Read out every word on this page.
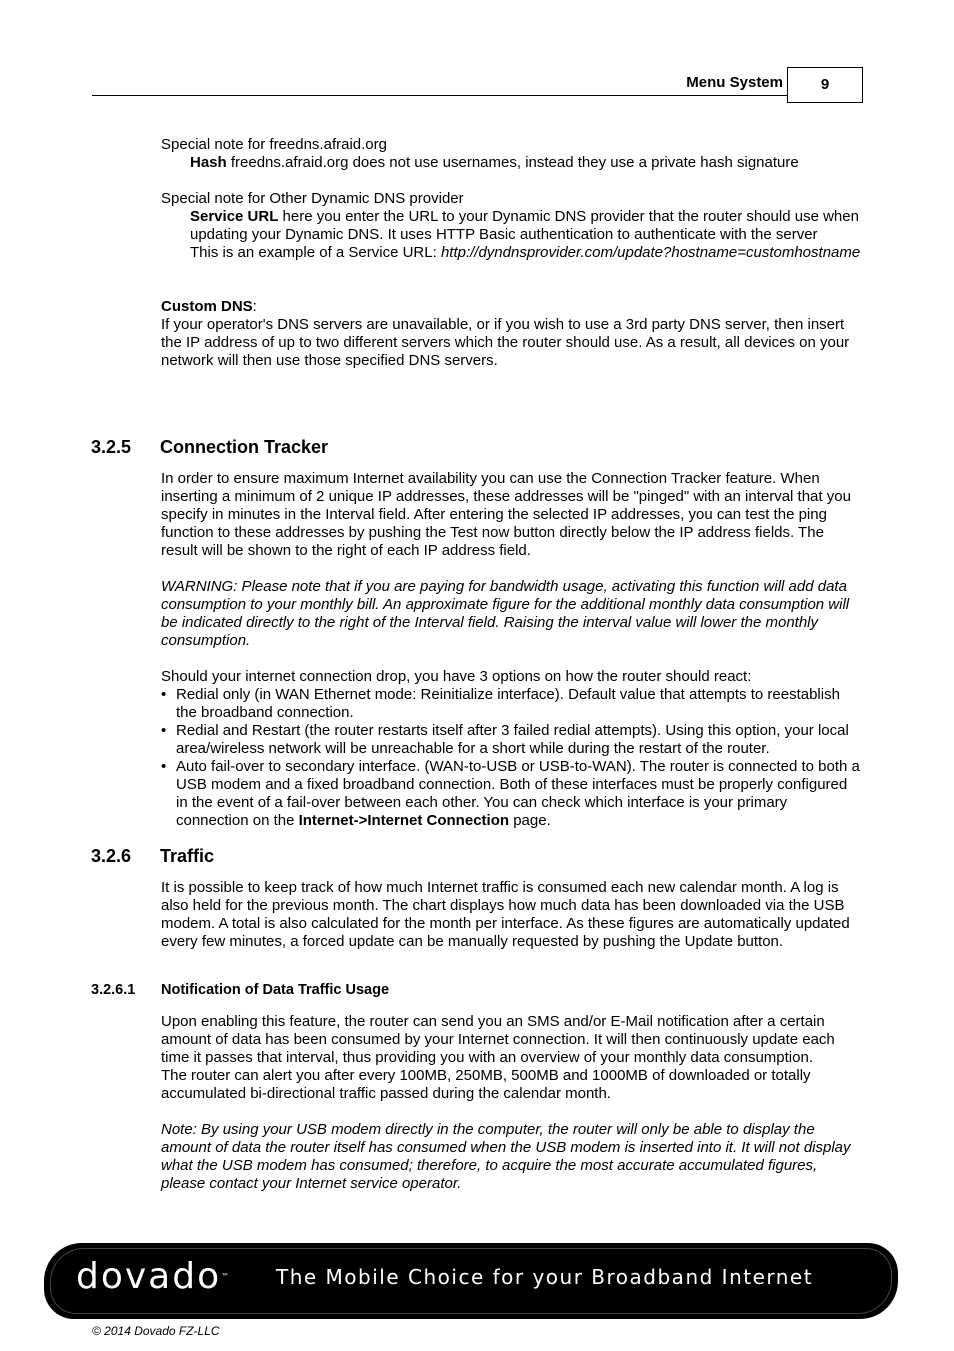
Menu System	9

Special note for freedns.afraid.org

Hash freedns.afraid.org does not use usernames, instead they use a private hash signature

Special note for Other Dynamic DNS provider

Service URL here you enter the URL to your Dynamic DNS provider that the router should use when updating your Dynamic DNS. It uses HTTP Basic authentication to authenticate with the server

This is an example of a Service URL: http://dyndnsprovider.com/update?hostname=customhostname

Custom DNS:

If your operator's DNS servers are unavailable, or if you wish to use a 3rd party DNS server, then insert the IP address of up to two different servers which the router should use. As a result, all devices on your network will then use those specified DNS servers.

3.2.5 Connection Tracker

In order to ensure maximum Internet availability you can use the Connection Tracker feature. When inserting a minimum of 2 unique IP addresses, these addresses will be "pinged" with an interval that you specify in minutes in the Interval field. After entering the selected IP addresses, you can test the ping function to these addresses by pushing the Test now button directly below the IP address fields. The result will be shown to the right of each IP address field.

WARNING: Please note that if you are paying for bandwidth usage, activating this function will add data consumption to your monthly bill. An approximate figure for the additional monthly data consumption will be indicated directly to the right of the Interval field. Raising the interval value will lower the monthly consumption.

Should your internet connection drop, you have 3 options on how the router should react:

• Redial only (in WAN Ethernet mode: Reinitialize interface). Default value that attempts to reestablish the broadband connection.
• Redial and Restart (the router restarts itself after 3 failed redial attempts). Using this option, your local area/wireless network will be unreachable for a short while during the restart of the router.
• Auto fail-over to secondary interface. (WAN-to-USB or USB-to-WAN). The router is connected to both a USB modem and a fixed broadband connection. Both of these interfaces must be properly configured in the event of a fail-over between each other. You can check which interface is your primary connection on the Internet->Internet Connection page.
3.2.6 Traffic

It is possible to keep track of how much Internet traffic is consumed each new calendar month. A log is also held for the previous month. The chart displays how much data has been downloaded via the USB modem. A total is also calculated for the month per interface. As these figures are automatically updated every few minutes, a forced update can be manually requested by pushing the Update button.

3.2.6.1 Notification of Data Traffic Usage

Upon enabling this feature, the router can send you an SMS and/or E-Mail notification after a certain amount of data has been consumed by your Internet connection. It will then continuously update each time it passes that interval, thus providing you with an overview of your monthly data consumption.

The router can alert you after every 100MB, 250MB, 500MB and 1000MB of downloaded or totally accumulated bi-directional traffic passed during the calendar month.

Note: By using your USB modem directly in the computer, the router will only be able to display the amount of data the router itself has consumed when the USB modem is inserted into it. It will not display what the USB modem has consumed; therefore, to acquire the most accurate accumulated figures, please contact your Internet service operator.

dovado™ The Mobile Choice for your Broadband Internet
© 2014 Dovado FZ-LLC
